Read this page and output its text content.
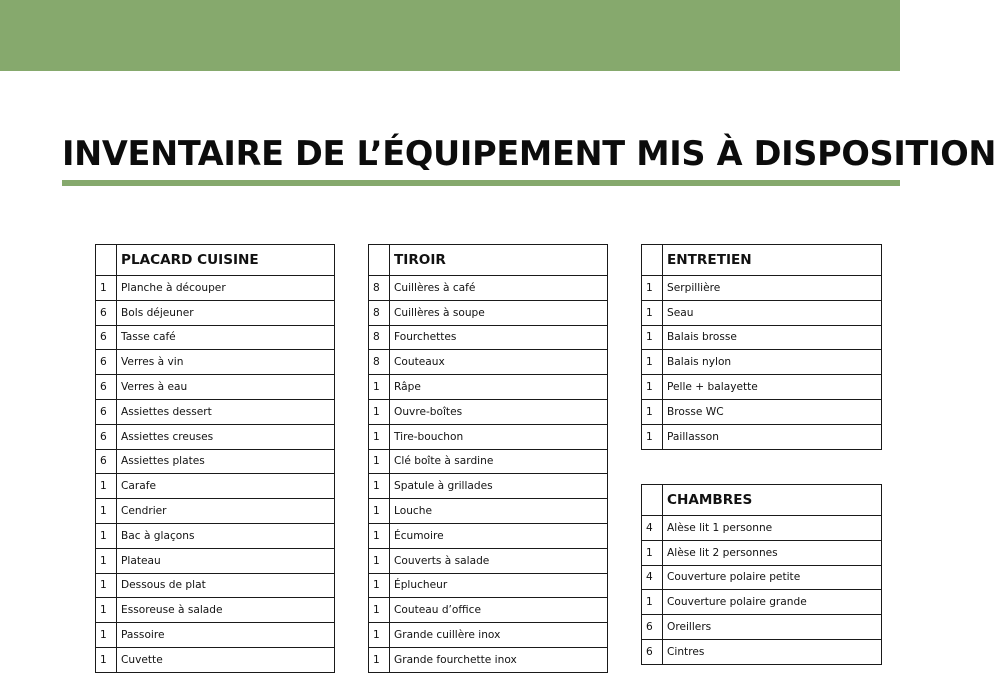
INVENTAIRE DE L’ÉQUIPEMENT MIS À DISPOSITION
	PLACARD CUISINE
1	Planche à découper
6	Bols déjeuner
6	Tasse café
6	Verres à vin
6	Verres à eau
6	Assiettes dessert
6	Assiettes creuses
6	Assiettes plates
1	Carafe
1	Cendrier
1	Bac à glaçons
1	Plateau
1	Dessous de plat
1	Essoreuse à salade
1	Passoire
1	Cuvette
	TIROIR
8	Cuillères à café
8	Cuillères à soupe
8	Fourchettes
8	Couteaux
1	Râpe
1	Ouvre-boîtes
1	Tire-bouchon
1	Clé boîte à sardine
1	Spatule à grillades
1	Louche
1	Écumoire
1	Couverts à salade
1	Éplucheur
1	Couteau d’office
1	Grande cuillère inox
1	Grande fourchette inox
	ENTRETIEN
1	Serpillière
1	Seau
1	Balais brosse
1	Balais nylon
1	Pelle + balayette
1	Brosse WC
1	Paillasson
	CHAMBRES
4	Alèse lit 1 personne
1	Alèse lit 2 personnes
4	Couverture polaire petite
1	Couverture polaire grande
6	Oreillers
6	Cintres
